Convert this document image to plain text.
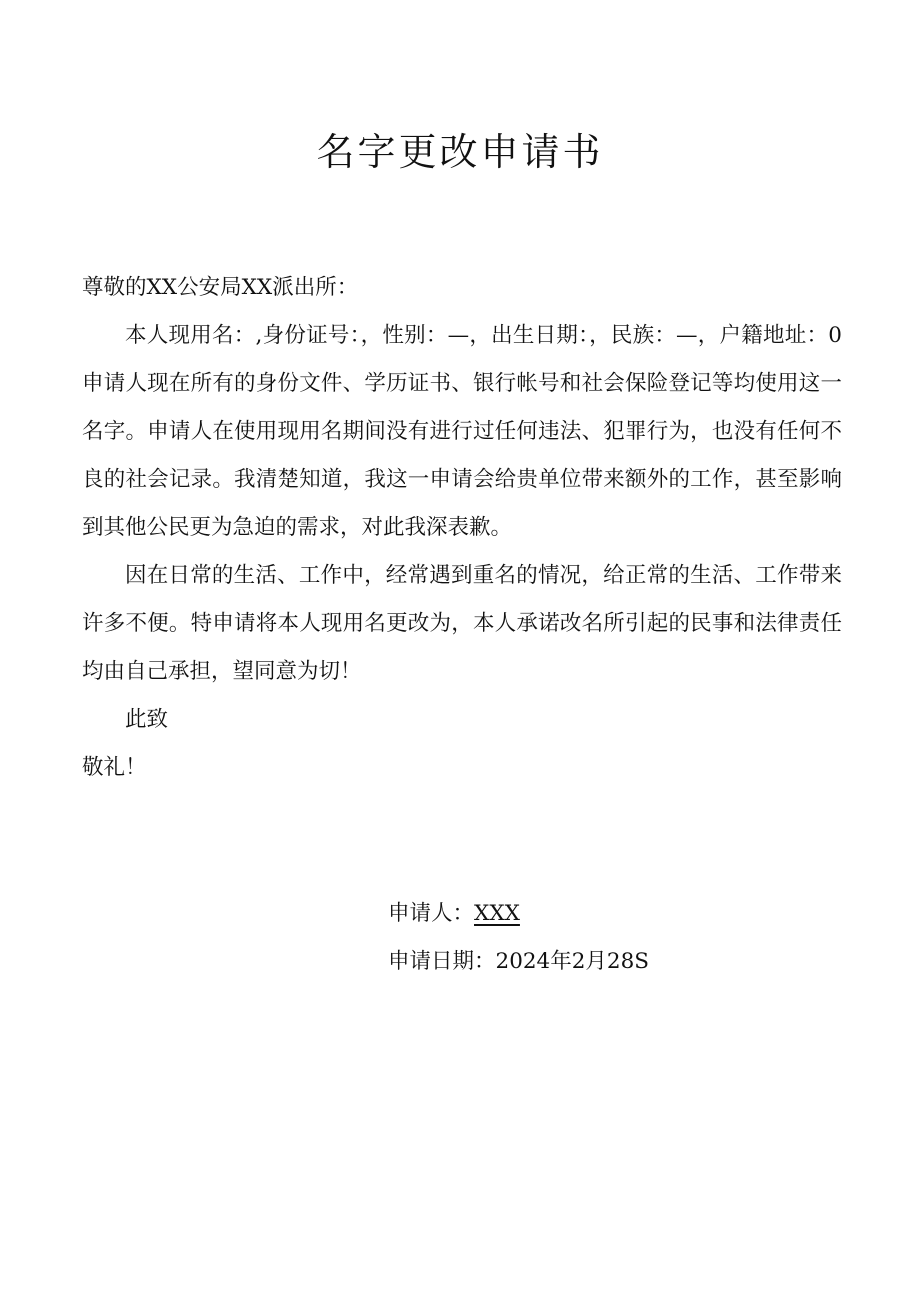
名字更改申请书

尊敬的XX公安局XX派出所：

本人现用名：,身份证号：，性别：—，出生日期：，民族：—，户籍地址：0申请人现在所有的身份文件、学历证书、银行帐号和社会保险登记等均使用这一名字。申请人在使用现用名期间没有进行过任何违法、犯罪行为，也没有任何不良的社会记录。我清楚知道，我这一申请会给贵单位带来额外的工作，甚至影响到其他公民更为急迫的需求，对此我深表歉。

因在日常的生活、工作中，经常遇到重名的情况，给正常的生活、工作带来许多不便。特申请将本人现用名更改为，本人承诺改名所引起的民事和法律责任均由自己承担，望同意为切！

此致

敬礼！

申请人：XXX

申请日期：2024年2月28S
